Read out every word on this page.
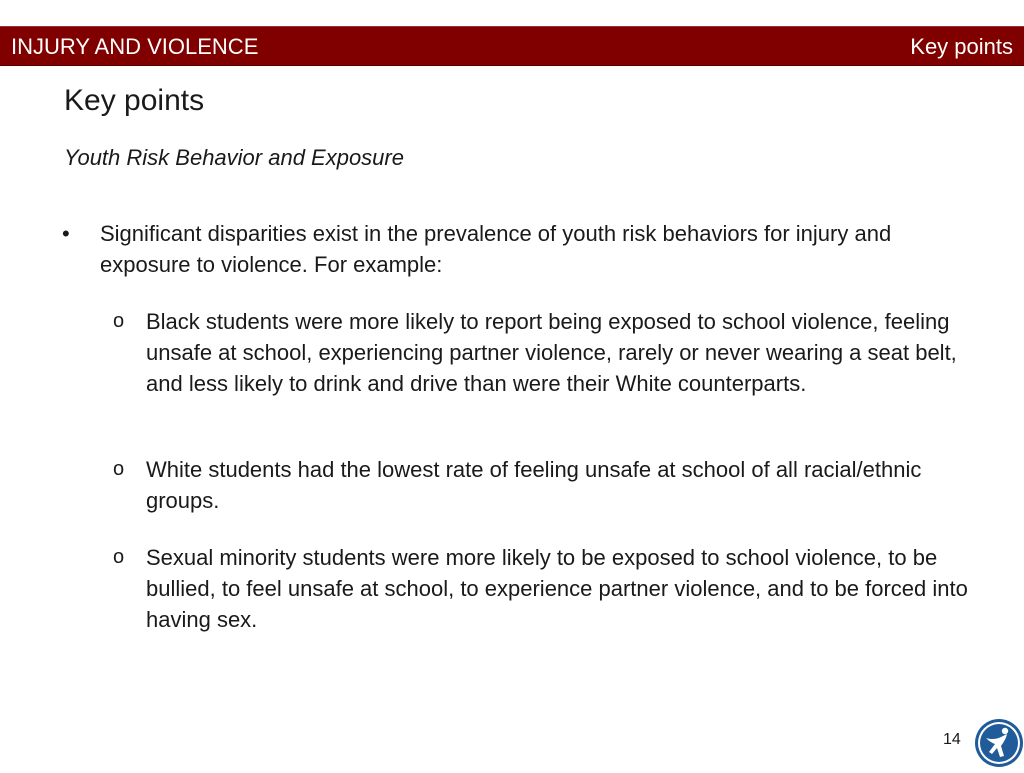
INJURY AND VIOLENCE	Key points
Key points

Youth Risk Behavior and Exposure

• Significant disparities exist in the prevalence of youth risk behaviors for injury and exposure to violence. For example:
o Black students were more likely to report being exposed to school violence, feeling unsafe at school, experiencing partner violence, rarely or never wearing a seat belt, and less likely to drink and drive than were their White counterparts.
o White students had the lowest rate of feeling unsafe at school of all racial/ethnic groups.
o Sexual minority students were more likely to be exposed to school violence, to be bullied, to feel unsafe at school, to experience partner violence, and to be forced into having sex.
14
